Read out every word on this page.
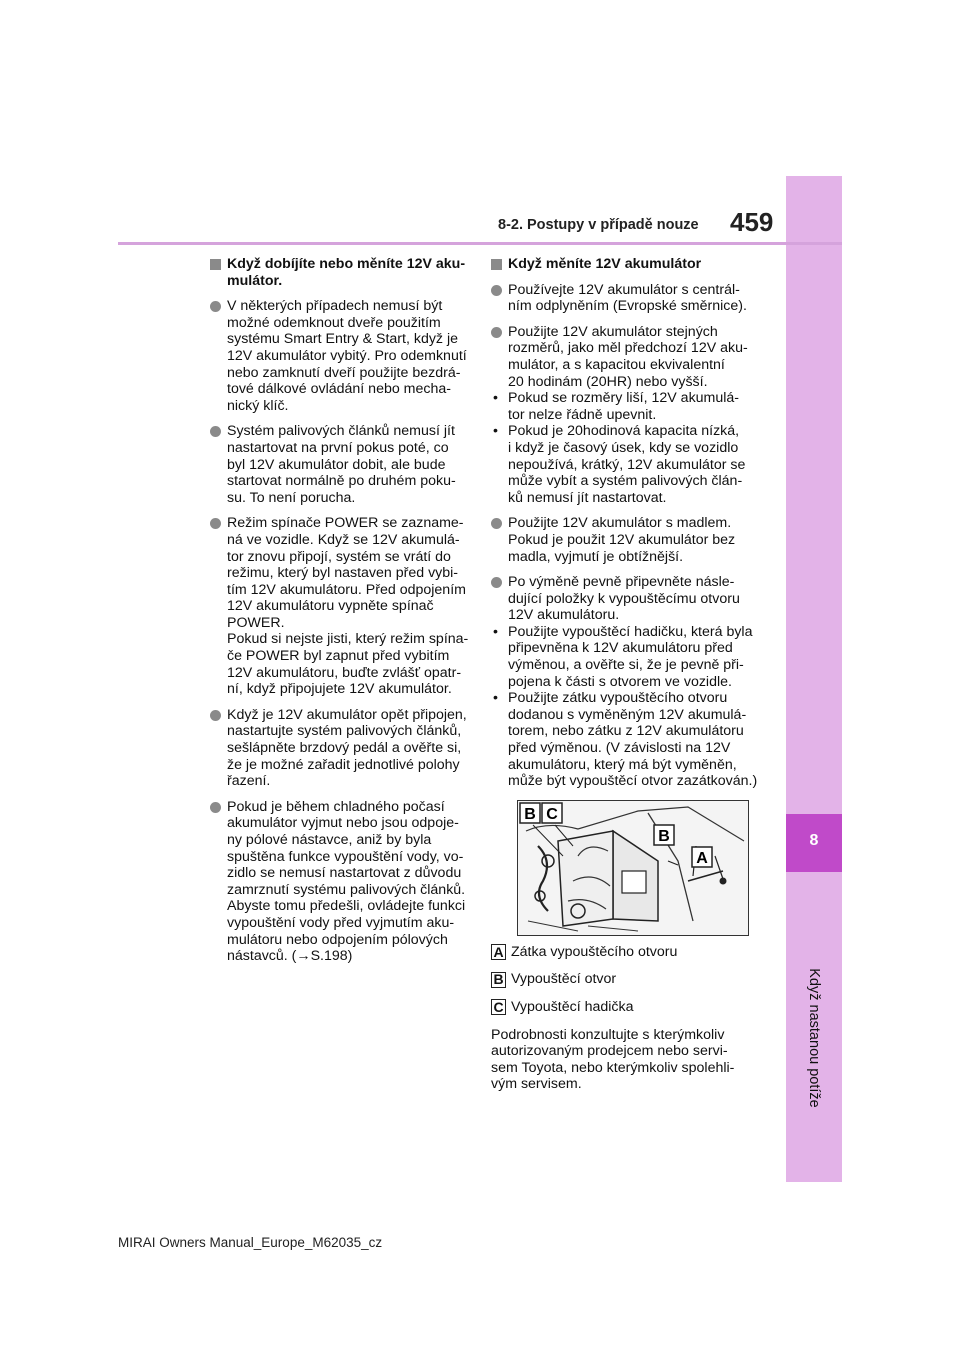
8
Když nastanou potíže
8-2. Postupy v případě nouze 459
Když dobíjíte nebo měníte 12V aku-
mulátor.

V některých případech nemusí být
možné odemknout dveře použitím
systému Smart Entry & Start, když je
12V akumulátor vybitý. Pro odemknutí
nebo zamknutí dveří použijte bezdrá-
tové dálkové ovládání nebo mecha-
nický klíč.

Systém palivových článků nemusí jít
nastartovat na první pokus poté, co
byl 12V akumulátor dobit, ale bude
startovat normálně po druhém poku-
su. To není porucha.

Režim spínače POWER se zazname-
ná ve vozidle. Když se 12V akumulá-
tor znovu připojí, systém se vrátí do
režimu, který byl nastaven před vybi-
tím 12V akumulátoru. Před odpojením
12V akumulátoru vypněte spínač
POWER.
Pokud si nejste jisti, který režim spína-
če POWER byl zapnut před vybitím
12V akumulátoru, buďte zvlášť opatr-
ní, když připojujete 12V akumulátor.

Když je 12V akumulátor opět připojen,
nastartujte systém palivových článků,
sešlápněte brzdový pedál a ověřte si,
že je možné zařadit jednotlivé polohy
řazení.

Pokud je během chladného počasí
akumulátor vyjmut nebo jsou odpoje-
ny pólové nástavce, aniž by byla
spuštěna funkce vypouštění vody, vo-
zidlo se nemusí nastartovat z důvodu
zamrznutí systému palivových článků.
Abyste tomu předešli, ovládejte funkci
vypouštění vody před vyjmutím aku-
mulátoru nebo odpojením pólových
nástavců. (→S.198)

Když měníte 12V akumulátor

Používejte 12V akumulátor s centrál-
ním odplyněním (Evropské směrnice).

Použijte 12V akumulátor stejných
rozměrů, jako měl předchozí 12V aku-
mulátor, a s kapacitou ekvivalentní
20 hodinám (20HR) nebo vyšší.

• Pokud se rozměry liší, 12V akumulá-
tor nelze řádně upevnit.
• Pokud je 20hodinová kapacita nízká,
i když je časový úsek, kdy se vozidlo
nepoužívá, krátký, 12V akumulátor se
může vybít a systém palivových člán-
ků nemusí jít nastartovat.

Použijte 12V akumulátor s madlem.
Pokud je použit 12V akumulátor bez
madla, vyjmutí je obtížnější.

Po výměně pevně připevněte násle-
dující položky k vypouštěcímu otvoru
12V akumulátoru.

• Použijte vypouštěcí hadičku, která byla
připevněna k 12V akumulátoru před
výměnou, a ověřte si, že je pevně při-
pojena k části s otvorem ve vozidle.
• Použijte zátku vypouštěcího otvoru
dodanou s vyměněným 12V akumulá-
torem, nebo zátku z 12V akumulátoru
před výměnou. (V závislosti na 12V
akumulátoru, který má být vyměněn,
může být vypouštěcí otvor zazátkován.)
B C
B
A
A Zátka vypouštěcího otvoru
B Vypouštěcí otvor
C Vypouštěcí hadička
Podrobnosti konzultujte s kterýmkoliv
autorizovaným prodejcem nebo servi-
sem Toyota, nebo kterýmkoliv spolehli-
vým servisem.
MIRAI Owners Manual_Europe_M62035_cz
